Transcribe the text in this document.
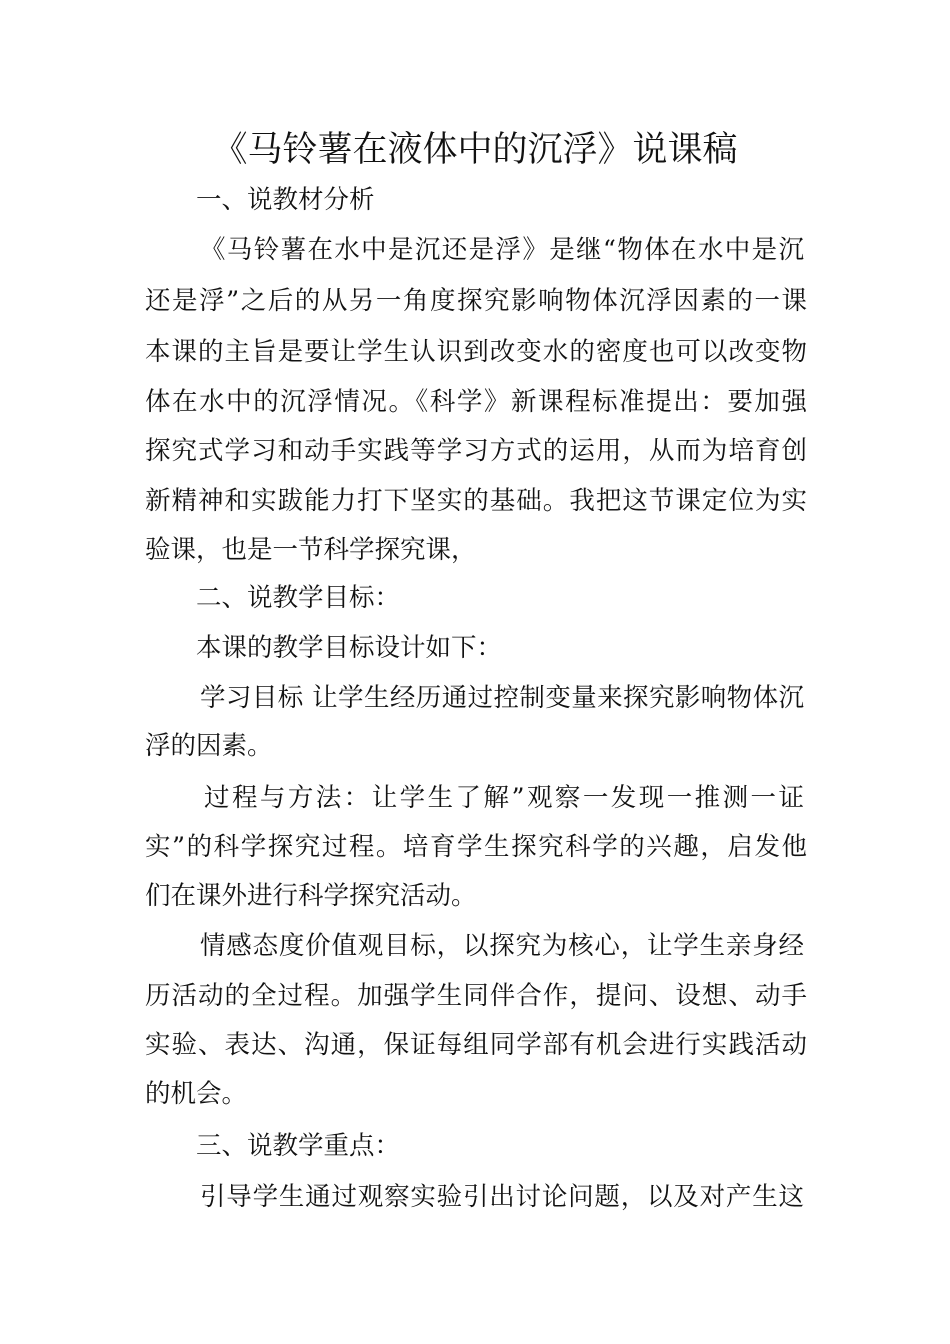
《马铃薯在液体中的沉浮》说课稿
一、说教材分析
《马铃薯在水中是沉还是浮》是继“物体在水中是沉
还是浮”之后的从另一角度探究影响物体沉浮因素的一课
本课的主旨是要让学生认识到改变水的密度也可以改变物
体在水中的沉浮情况。《科学》新课程标准提出：要加强
探究式学习和动手实践等学习方式的运用，从而为培育创
新精神和实跋能力打下坚实的基础。我把这节课定位为实
验课，也是一节科学探究课，
二、说教学目标：
本课的教学目标设计如下：
学习目标 让学生经历通过控制变量来探究影响物体沉
浮的因素。
过程与方法：让学生了解”观察一发现一推测一证
实”的科学探究过程。培育学生探究科学的兴趣，启发他
们在课外进行科学探究活动。
情感态度价值观目标，以探究为核心，让学生亲身经
历活动的全过程。加强学生同伴合作，提问、设想、动手
实验、表达、沟通，保证每组同学部有机会进行实践活动
的机会。
三、说教学重点：
引导学生通过观察实验引出讨论问题，以及对产生这
